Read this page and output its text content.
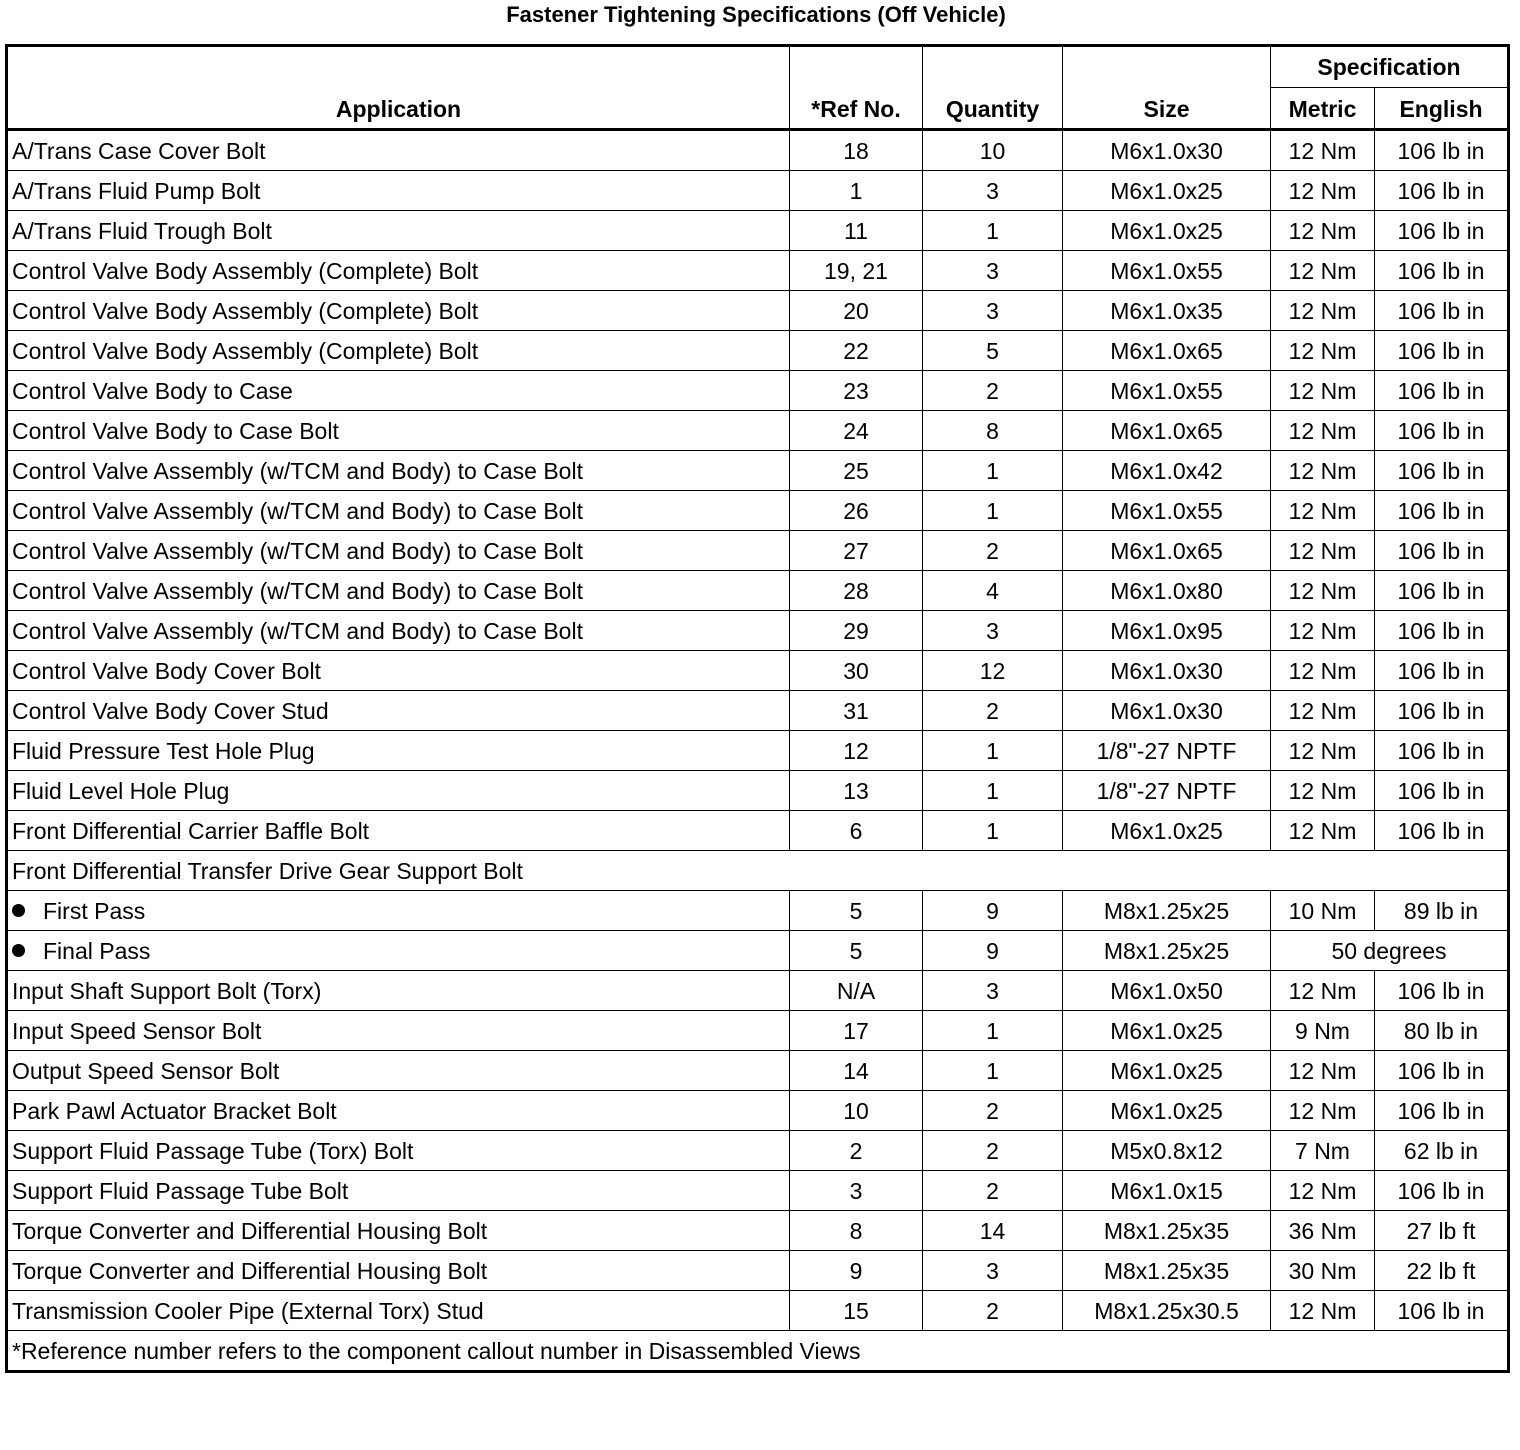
Fastener Tightening Specifications (Off Vehicle)
Application	*Ref No.	Quantity	Size	Specification	
				Metric	English
A/Trans Case Cover Bolt	18	10	M6x1.0x30	12 Nm	106 lb in
A/Trans Fluid Pump Bolt	1	3	M6x1.0x25	12 Nm	106 lb in
A/Trans Fluid Trough Bolt	11	1	M6x1.0x25	12 Nm	106 lb in
Control Valve Body Assembly (Complete) Bolt	19, 21	3	M6x1.0x55	12 Nm	106 lb in
Control Valve Body Assembly (Complete) Bolt	20	3	M6x1.0x35	12 Nm	106 lb in
Control Valve Body Assembly (Complete) Bolt	22	5	M6x1.0x65	12 Nm	106 lb in
Control Valve Body to Case	23	2	M6x1.0x55	12 Nm	106 lb in
Control Valve Body to Case Bolt	24	8	M6x1.0x65	12 Nm	106 lb in
Control Valve Assembly (w/TCM and Body) to Case Bolt	25	1	M6x1.0x42	12 Nm	106 lb in
Control Valve Assembly (w/TCM and Body) to Case Bolt	26	1	M6x1.0x55	12 Nm	106 lb in
Control Valve Assembly (w/TCM and Body) to Case Bolt	27	2	M6x1.0x65	12 Nm	106 lb in
Control Valve Assembly (w/TCM and Body) to Case Bolt	28	4	M6x1.0x80	12 Nm	106 lb in
Control Valve Assembly (w/TCM and Body) to Case Bolt	29	3	M6x1.0x95	12 Nm	106 lb in
Control Valve Body Cover Bolt	30	12	M6x1.0x30	12 Nm	106 lb in
Control Valve Body Cover Stud	31	2	M6x1.0x30	12 Nm	106 lb in
Fluid Pressure Test Hole Plug	12	1	1/8"-27 NPTF	12 Nm	106 lb in
Fluid Level Hole Plug	13	1	1/8"-27 NPTF	12 Nm	106 lb in
Front Differential Carrier Baffle Bolt	6	1	M6x1.0x25	12 Nm	106 lb in
Front Differential Transfer Drive Gear Support Bolt					
First Pass	5	9	M8x1.25x25	10 Nm	89 lb in
Final Pass	5	9	M8x1.25x25	50 degrees	
Input Shaft Support Bolt (Torx)	N/A	3	M6x1.0x50	12 Nm	106 lb in
Input Speed Sensor Bolt	17	1	M6x1.0x25	9 Nm	80 lb in
Output Speed Sensor Bolt	14	1	M6x1.0x25	12 Nm	106 lb in
Park Pawl Actuator Bracket Bolt	10	2	M6x1.0x25	12 Nm	106 lb in
Support Fluid Passage Tube (Torx) Bolt	2	2	M5x0.8x12	7 Nm	62 lb in
Support Fluid Passage Tube Bolt	3	2	M6x1.0x15	12 Nm	106 lb in
Torque Converter and Differential Housing Bolt	8	14	M8x1.25x35	36 Nm	27 lb ft
Torque Converter and Differential Housing Bolt	9	3	M8x1.25x35	30 Nm	22 lb ft
Transmission Cooler Pipe (External Torx) Stud	15	2	M8x1.25x30.5	12 Nm	106 lb in
*Reference number refers to the component callout number in Disassembled Views					
